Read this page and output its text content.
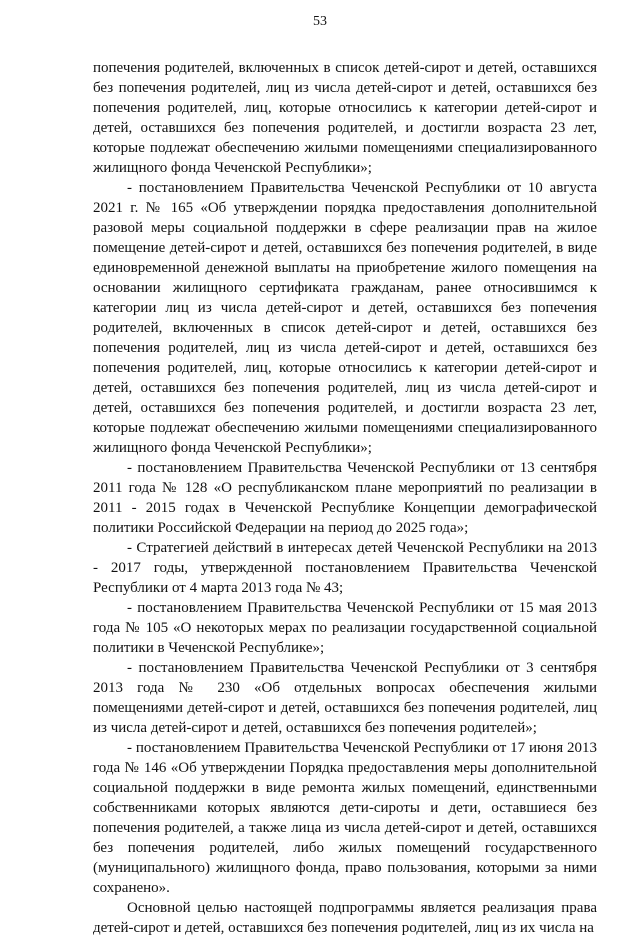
53

попечения родителей, включенных в список детей-сирот и детей, оставшихся без попечения родителей, лиц из числа детей-сирот и детей, оставшихся без попечения родителей, лиц, которые относились к категории детей-сирот и детей, оставшихся без попечения родителей, и достигли возраста 23 лет, которые подлежат обеспечению жилыми помещениями специализированного жилищного фонда Чеченской Республики»;

- постановлением Правительства Чеченской Республики от 10 августа 2021 г. № 165 «Об утверждении порядка предоставления дополнительной разовой меры социальной поддержки в сфере реализации прав на жилое помещение детей-сирот и детей, оставшихся без попечения родителей, в виде единовременной денежной выплаты на приобретение жилого помещения на основании жилищного сертификата гражданам, ранее относившимся к категории лиц из числа детей-сирот и детей, оставшихся без попечения родителей, включенных в список детей-сирот и детей, оставшихся без попечения родителей, лиц из числа детей-сирот и детей, оставшихся без попечения родителей, лиц, которые относились к категории детей-сирот и детей, оставшихся без попечения родителей, лиц из числа детей-сирот и детей, оставшихся без попечения родителей, и достигли возраста 23 лет, которые подлежат обеспечению жилыми помещениями специализированного жилищного фонда Чеченской Республики»;

- постановлением Правительства Чеченской Республики от 13 сентября 2011 года № 128 «О республиканском плане мероприятий по реализации в 2011 - 2015 годах в Чеченской Республике Концепции демографической политики Российской Федерации на период до 2025 года»;

- Стратегией действий в интересах детей Чеченской Республики на 2013 - 2017 годы, утвержденной постановлением Правительства Чеченской Республики от 4 марта 2013 года № 43;

- постановлением Правительства Чеченской Республики от 15 мая 2013 года № 105 «О некоторых мерах по реализации государственной социальной политики в Чеченской Республике»;

- постановлением Правительства Чеченской Республики от 3 сентября 2013 года № 230 «Об отдельных вопросах обеспечения жилыми помещениями детей-сирот и детей, оставшихся без попечения родителей, лиц из числа детей-сирот и детей, оставшихся без попечения родителей»;

- постановлением Правительства Чеченской Республики от 17 июня 2013 года № 146 «Об утверждении Порядка предоставления меры дополнительной социальной поддержки в виде ремонта жилых помещений, единственными собственниками которых являются дети-сироты и дети, оставшиеся без попечения родителей, а также лица из числа детей-сирот и детей, оставшихся без попечения родителей, либо жилых помещений государственного (муниципального) жилищного фонда, право пользования, которыми за ними сохранено».

Основной целью настоящей подпрограммы является реализация права детей-сирот и детей, оставшихся без попечения родителей, лиц из их числа на
